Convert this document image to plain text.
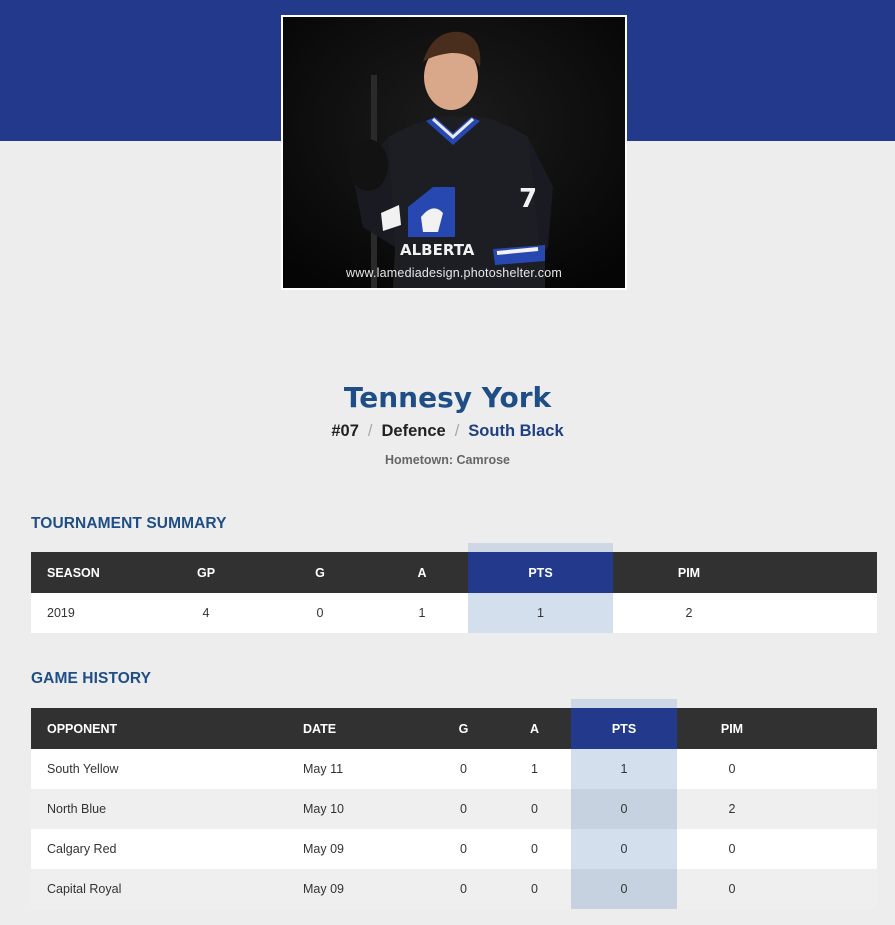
ALBERTA
7
www.lamediadesign.photoshelter.com
Tennesy York
#07 / Defence / South Black
Hometown: Camrose
TOURNAMENT SUMMARY
SEASON	GP	G	A	PTS	PIM	
2019	4	0	1	1	2	
GAME HISTORY
OPPONENT	DATE	G	A	PTS	PIM	
South Yellow	May 11	0	1	1	0	
North Blue	May 10	0	0	0	2	
Calgary Red	May 09	0	0	0	0	
Capital Royal	May 09	0	0	0	0	
